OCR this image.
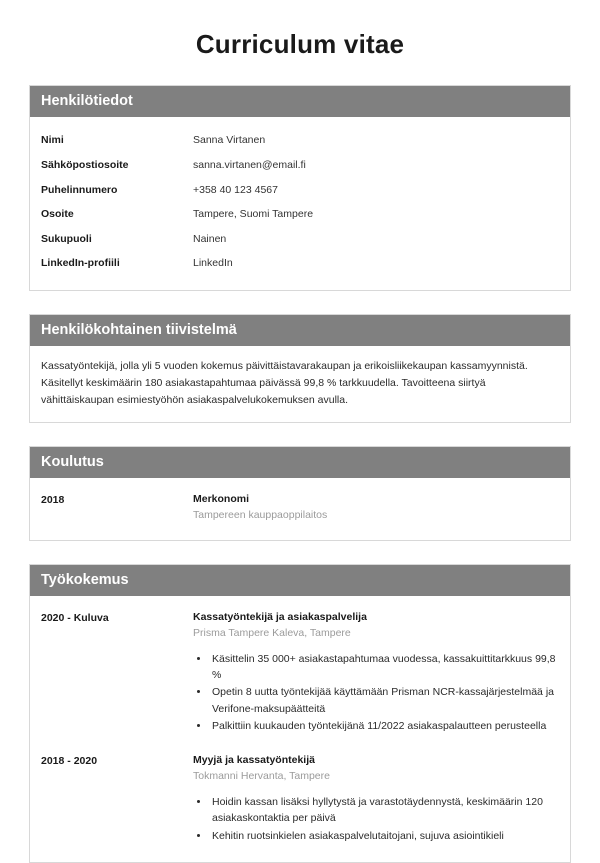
Curriculum vitae
Henkilötiedot
Nimi	Sanna Virtanen
Sähköpostiosoite	sanna.virtanen@email.fi
Puhelinnumero	+358 40 123 4567
Osoite	Tampere, Suomi Tampere
Sukupuoli	Nainen
LinkedIn-profiili	LinkedIn
Henkilökohtainen tiivistelmä

Kassatyöntekijä, jolla yli 5 vuoden kokemus päivittäistavarakaupan ja erikoisliikekaupan kassamyynnistä. Käsitellyt keskimäärin 180 asiakastapahtumaa päivässä 99,8 % tarkkuudella. Tavoitteena siirtyä vähittäiskaupan esimiestyöhön asiakaspalvelukokemuksen avulla.

Koulutus
2018	Merkonomi
Tampereen kauppaoppilaitos
Työkokemus
2020 - Kuluva	Kassatyöntekijä ja asiakaspalvelija
Prisma Tampere Kaleva, Tampere
• Käsittelin 35 000+ asiakastapahtumaa vuodessa, kassakuittitarkkuus 99,8 %
• Opetin 8 uutta työntekijää käyttämään Prisman NCR-kassajärjestelmää ja Verifone-maksupäätteitä
• Palkittiin kuukauden työntekijänä 11/2022 asiakaspalautteen perusteella
2018 - 2020	Myyjä ja kassatyöntekijä
Tokmanni Hervanta, Tampere
• Hoidin kassan lisäksi hyllytystä ja varastotäydennystä, keskimäärin 120 asiakaskontaktia per päivä
• Kehitin ruotsinkielen asiakaspalvelutaitojani, sujuva asiointikieli
